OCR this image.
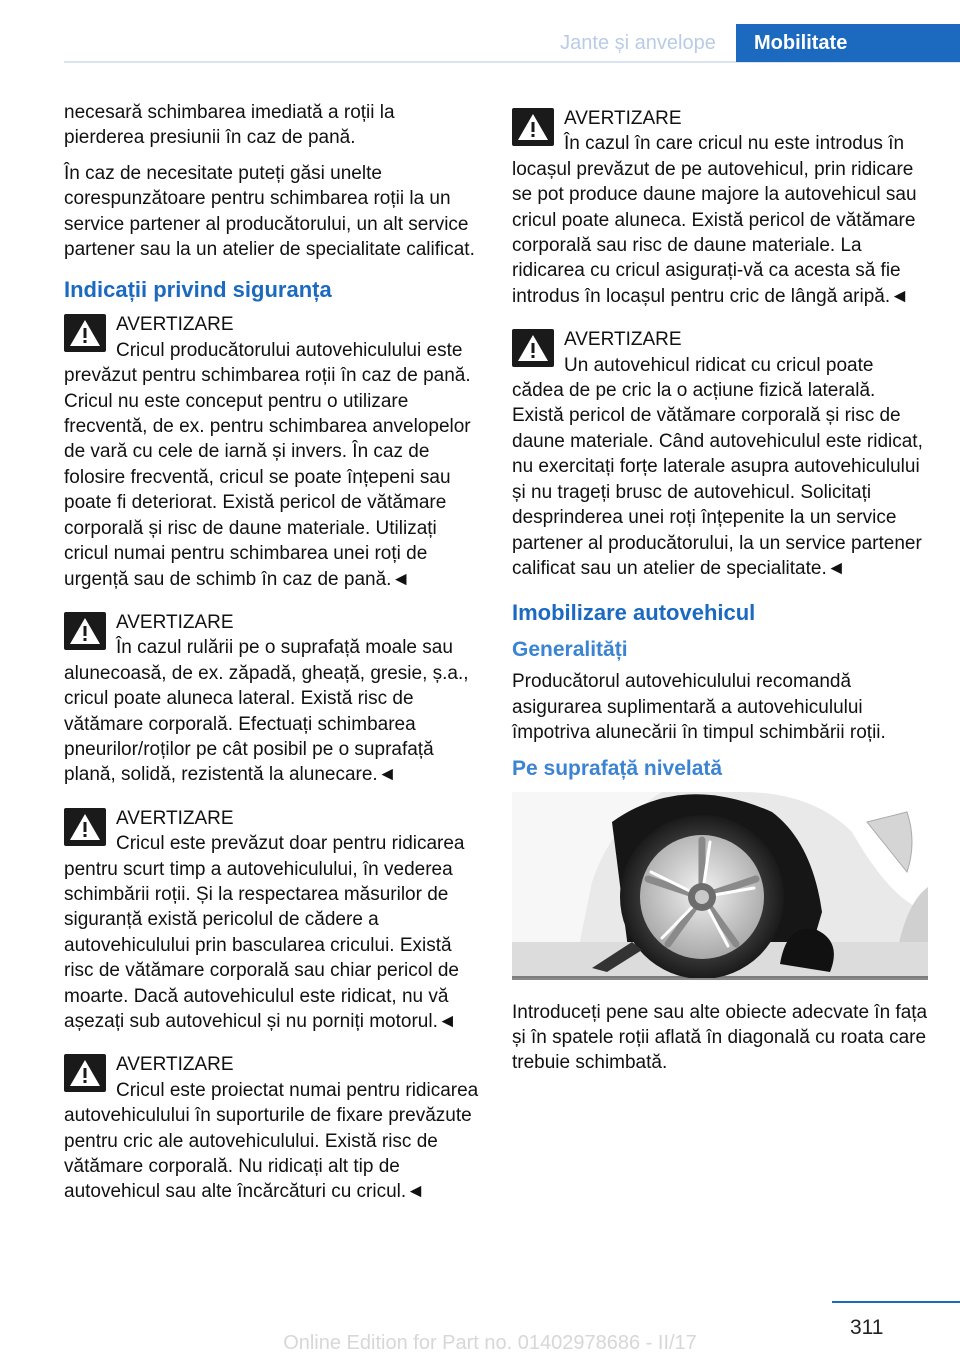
Jante și anvelope	Mobilitate

necesară schimbarea imediată a roții la pierderea presiunii în caz de pană.

În caz de necesitate puteți găsi unelte corespunzătoare pentru schimbarea roții la un service partener al producătorului, un alt service partener sau la un atelier de specialitate calificat.

Indicații privind siguranța
AVERTIZARE
Cricul producătorului autovehiculului este prevăzut pentru schimbarea roții în caz de pană. Cricul nu este conceput pentru o utilizare frecventă, de ex. pentru schimbarea anvelopelor de vară cu cele de iarnă și invers. În caz de folosire frecventă, cricul se poate înțepeni sau poate fi deteriorat. Există pericol de vătămare corporală și risc de daune materiale. Utilizați cricul numai pentru schimbarea unei roți de urgență sau de schimb în caz de pană.◄
AVERTIZARE
În cazul rulării pe o suprafață moale sau alunecoasă, de ex. zăpadă, gheață, gresie, ș.a., cricul poate aluneca lateral. Există risc de vătămare corporală. Efectuați schimbarea pneurilor/roților pe cât posibil pe o suprafață plană, solidă, rezistentă la alunecare.◄
AVERTIZARE
Cricul este prevăzut doar pentru ridicarea pentru scurt timp a autovehiculului, în vederea schimbării roții. Și la respectarea măsurilor de siguranță există pericolul de cădere a autovehiculului prin bascularea cricului. Există risc de vătămare corporală sau chiar pericol de moarte. Dacă autovehiculul este ridicat, nu vă așezați sub autovehicul și nu porniți motorul.◄
AVERTIZARE
Cricul este proiectat numai pentru ridicarea autovehiculului în suporturile de fixare prevăzute pentru cric ale autovehiculului. Există risc de vătămare corporală. Nu ridicați alt tip de autovehicul sau alte încărcături cu cricul.◄
AVERTIZARE
În cazul în care cricul nu este introdus în locașul prevăzut de pe autovehicul, prin ridicare se pot produce daune majore la autovehicul sau cricul poate aluneca. Există pericol de vătămare corporală sau risc de daune materiale. La ridicarea cu cricul asigurați-vă ca acesta să fie introdus în locașul pentru cric de lângă aripă.◄
AVERTIZARE
Un autovehicul ridicat cu cricul poate cădea de pe cric la o acțiune fizică laterală. Există pericol de vătămare corporală și risc de daune materiale. Când autovehiculul este ridicat, nu exercitați forțe laterale asupra autovehiculului și nu trageți brusc de autovehicul. Solicitați desprinderea unei roți înțepenite la un service partener al producătorului, la un service partener calificat sau un atelier de specialitate.◄
Imobilizare autovehicul
Generalități

Producătorul autovehiculului recomandă asigurarea suplimentară a autovehiculului împotriva alunecării în timpul schimbării roții.

Pe suprafață nivelată

Introduceți pene sau alte obiecte adecvate în fața și în spatele roții aflată în diagonală cu roata care trebuie schimbată.

311
Online Edition for Part no. 01402978686 - II/17
